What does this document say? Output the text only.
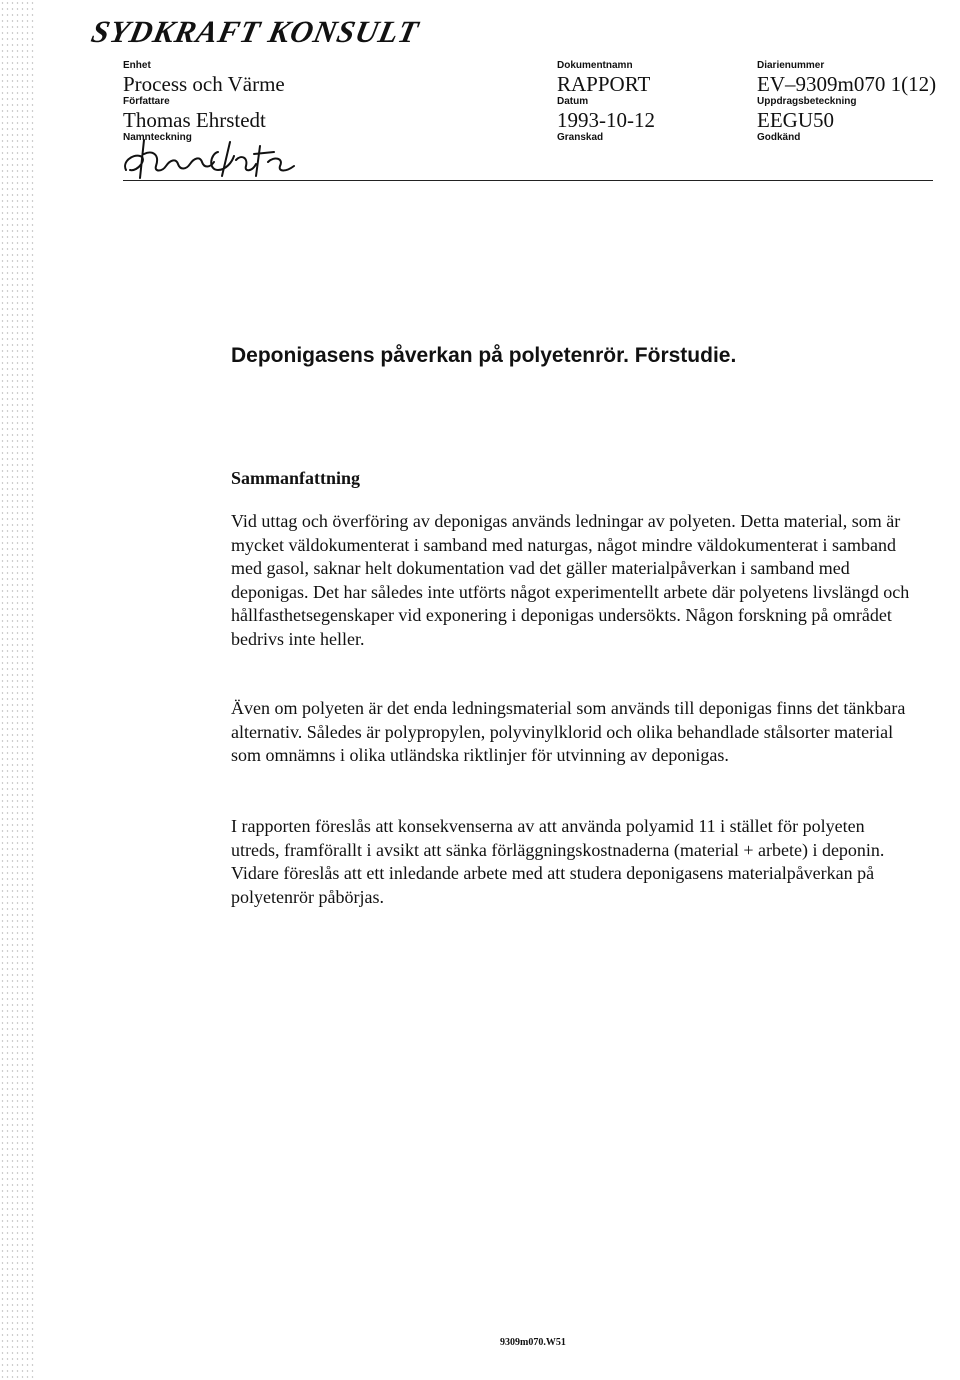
SYDKRAFT KONSULT
Enhet
Process och Värme
Författare
Thomas Ehrstedt
Namnteckning
Dokumentnamn
RAPPORT
Datum
1993-10-12
Granskad
Diarienummer
EV–9309m070 1(12)
Uppdragsbeteckning
EEGU50
Godkänd
Deponigasens påverkan på polyetenrör. Förstudie.
Sammanfattning

Vid uttag och överföring av deponigas används ledningar av polyeten. Detta material, som är mycket väldokumenterat i samband med naturgas, något mindre väldokumenterat i samband med gasol, saknar helt dokumentation vad det gäller materialpåverkan i samband med deponigas. Det har således inte utförts något experimentellt arbete där polyetens livslängd och hållfasthetsegenskaper vid exponering i deponigas undersökts. Någon forskning på området bedrivs inte heller.

Även om polyeten är det enda ledningsmaterial som används till deponigas finns det tänkbara alternativ. Således är polypropylen, polyvinylklorid och olika behandlade stålsorter material som omnämns i olika utländska riktlinjer för utvinning av deponigas.

I rapporten föreslås att konsekvenserna av att använda polyamid 11 i stället för polyeten utreds, framförallt i avsikt att sänka förläggningskostnaderna (material + arbete) i deponin. Vidare föreslås att ett inledande arbete med att studera deponigasens materialpåverkan på polyetenrör påbörjas.

9309m070.W51
